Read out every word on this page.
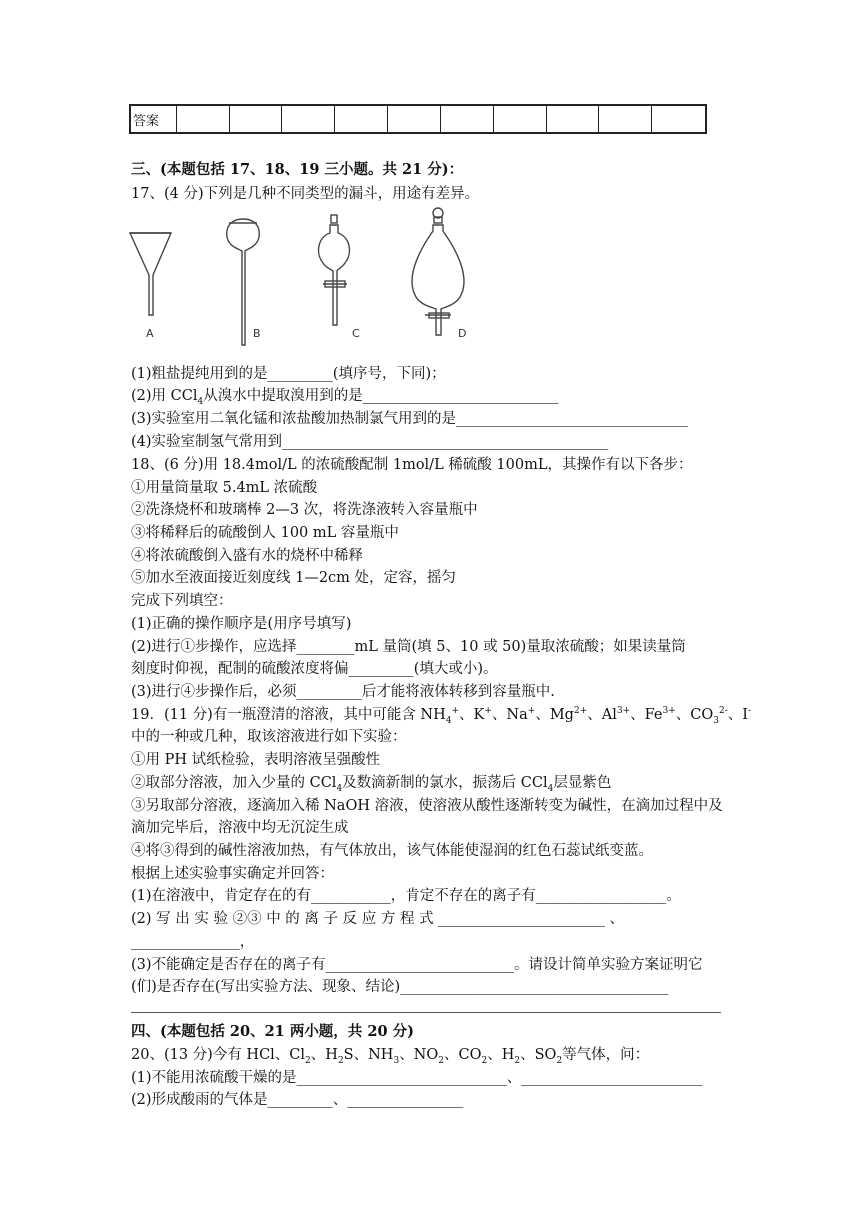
答案
三、(本题包括 17、18、19 三小题。共 21 分)：
17、(4 分)下列是几种不同类型的漏斗，用途有差异。
A	B	C	D
(1)粗盐提纯用到的是_________(填序号，下同)；
(2)用 CCl$_4$从溴水中提取溴用到的是___________________________
(3)实验室用二氧化锰和浓盐酸加热制氯气用到的是________________________________
(4)实验室制氢气常用到_____________________________________________
18、(6 分)用 18.4mol/L 的浓硫酸配制 1mol/L 稀硫酸 100mL，其操作有以下各步：
①用量筒量取 5.4mL 浓硫酸
②洗涤烧杯和玻璃棒 2—3 次，将洗涤液转入容量瓶中
③将稀释后的硫酸倒人 100 mL 容量瓶中
④将浓硫酸倒入盛有水的烧杯中稀释
⑤加水至液面接近刻度线 1—2cm 处，定容，摇匀
完成下列填空：
(1)正确的操作顺序是(用序号填写)
(2)进行①步操作，应选择________mL 量筒(填 5、10 或 50)量取浓硫酸；如果读量筒
刻度时仰视，配制的硫酸浓度将偏_________(填大或小)。
(3)进行④步操作后，必须_________后才能将液体转移到容量瓶中.
19．(11 分)有一瓶澄清的溶液，其中可能含 $NH_4^+$、K+、Na+、$Mg^{2+}$、$Al^{3+}$、$Fe^{3+}$、$CO_3^{2-}$、I-
中的一种或几种，取该溶液进行如下实验：
①用 PH 试纸检验，表明溶液呈强酸性
②取部分溶液，加入少量的 CCl$_4$及数滴新制的氯水，振荡后 CCl$_4$层显紫色
③另取部分溶液，逐滴加入稀 NaOH 溶液，使溶液从酸性逐渐转变为碱性，在滴加过程中及
滴加完毕后，溶液中均无沉淀生成
④将③得到的碱性溶液加热，有气体放出，该气体能使湿润的红色石蕊试纸变蓝。
根据上述实验事实确定并回答：
(1)在溶液中，肯定存在的有___________，肯定不存在的离子有__________________。
(2) 写 出 实 验 ②③ 中 的 离 子 反 应 方 程 式 _______________________ 、
_______________，
(3)不能确定是否存在的离子有__________________________。请设计简单实验方案证明它
(们)是否存在(写出实验方法、现象、结论)_____________________________________
四、(本题包括 20、21 两小题，共 20 分)
20、(13 分)今有 HCl、$Cl_2$、$H_2S$、$NH_3$、$NO_2$、$CO_2$、$H_2$、$SO_2$等气体，问：
(1)不能用浓硫酸干燥的是_____________________________、_________________________
(2)形成酸雨的气体是_________、________________
